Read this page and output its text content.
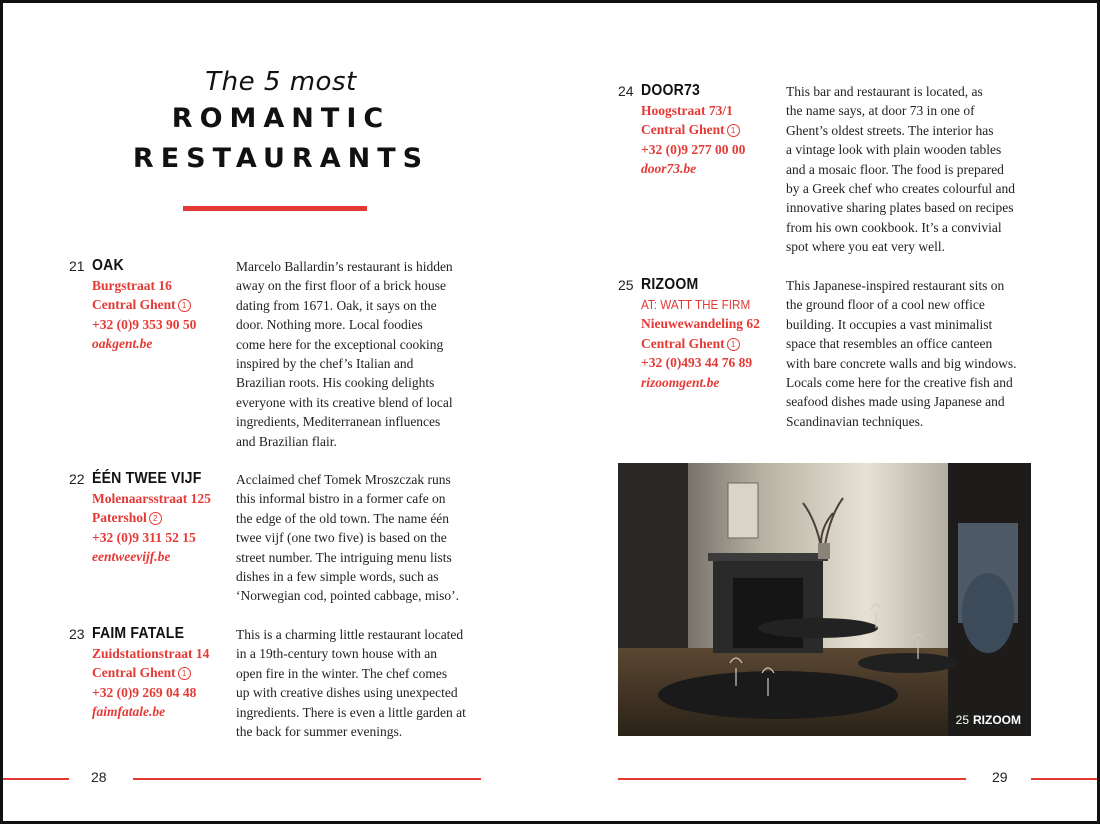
The 5 most
ROMANTIC
RESTAURANTS
21 OAK
Burgstraat 16
Central Ghent 1
+32 (0)9 353 90 50
oakgent.be
Marcelo Ballardin’s restaurant is hidden
away on the first floor of a brick house
dating from 1671. Oak, it says on the
door. Nothing more. Local foodies
come here for the exceptional cooking
inspired by the chef’s Italian and
Brazilian roots. His cooking delights
everyone with its creative blend of local
ingredients, Mediterranean influences
and Brazilian flair.
22 ÉÉN TWEE VIJF
Molenaarsstraat 125
Patershol 2
+32 (0)9 311 52 15
eentweevijf.be
Acclaimed chef Tomek Mroszczak runs
this informal bistro in a former cafe on
the edge of the old town. The name één
twee vijf (one two five) is based on the
street number. The intriguing menu lists
dishes in a few simple words, such as
‘Norwegian cod, pointed cabbage, miso’.
23 FAIM FATALE
Zuidstationstraat 14
Central Ghent 1
+32 (0)9 269 04 48
faimfatale.be
This is a charming little restaurant located
in a 19th-century town house with an
open fire in the winter. The chef comes
up with creative dishes using unexpected
ingredients. There is even a little garden at
the back for summer evenings.
24 DOOR73
Hoogstraat 73/1
Central Ghent 1
+32 (0)9 277 00 00
door73.be
This bar and restaurant is located, as
the name says, at door 73 in one of
Ghent’s oldest streets. The interior has
a vintage look with plain wooden tables
and a mosaic floor. The food is prepared
by a Greek chef who creates colourful and
innovative sharing plates based on recipes
from his own cookbook. It’s a convivial
spot where you eat very well.
25 RIZOOM
AT: WATT THE FIRM
Nieuwewandeling 62
Central Ghent 1
+32 (0)493 44 76 89
rizoomgent.be
This Japanese-inspired restaurant sits on
the ground floor of a cool new office
building. It occupies a vast minimalist
space that resembles an office canteen
with bare concrete walls and big windows.
Locals come here for the creative fish and
seafood dishes made using Japanese and
Scandinavian techniques.
25 RIZOOM
28	29
